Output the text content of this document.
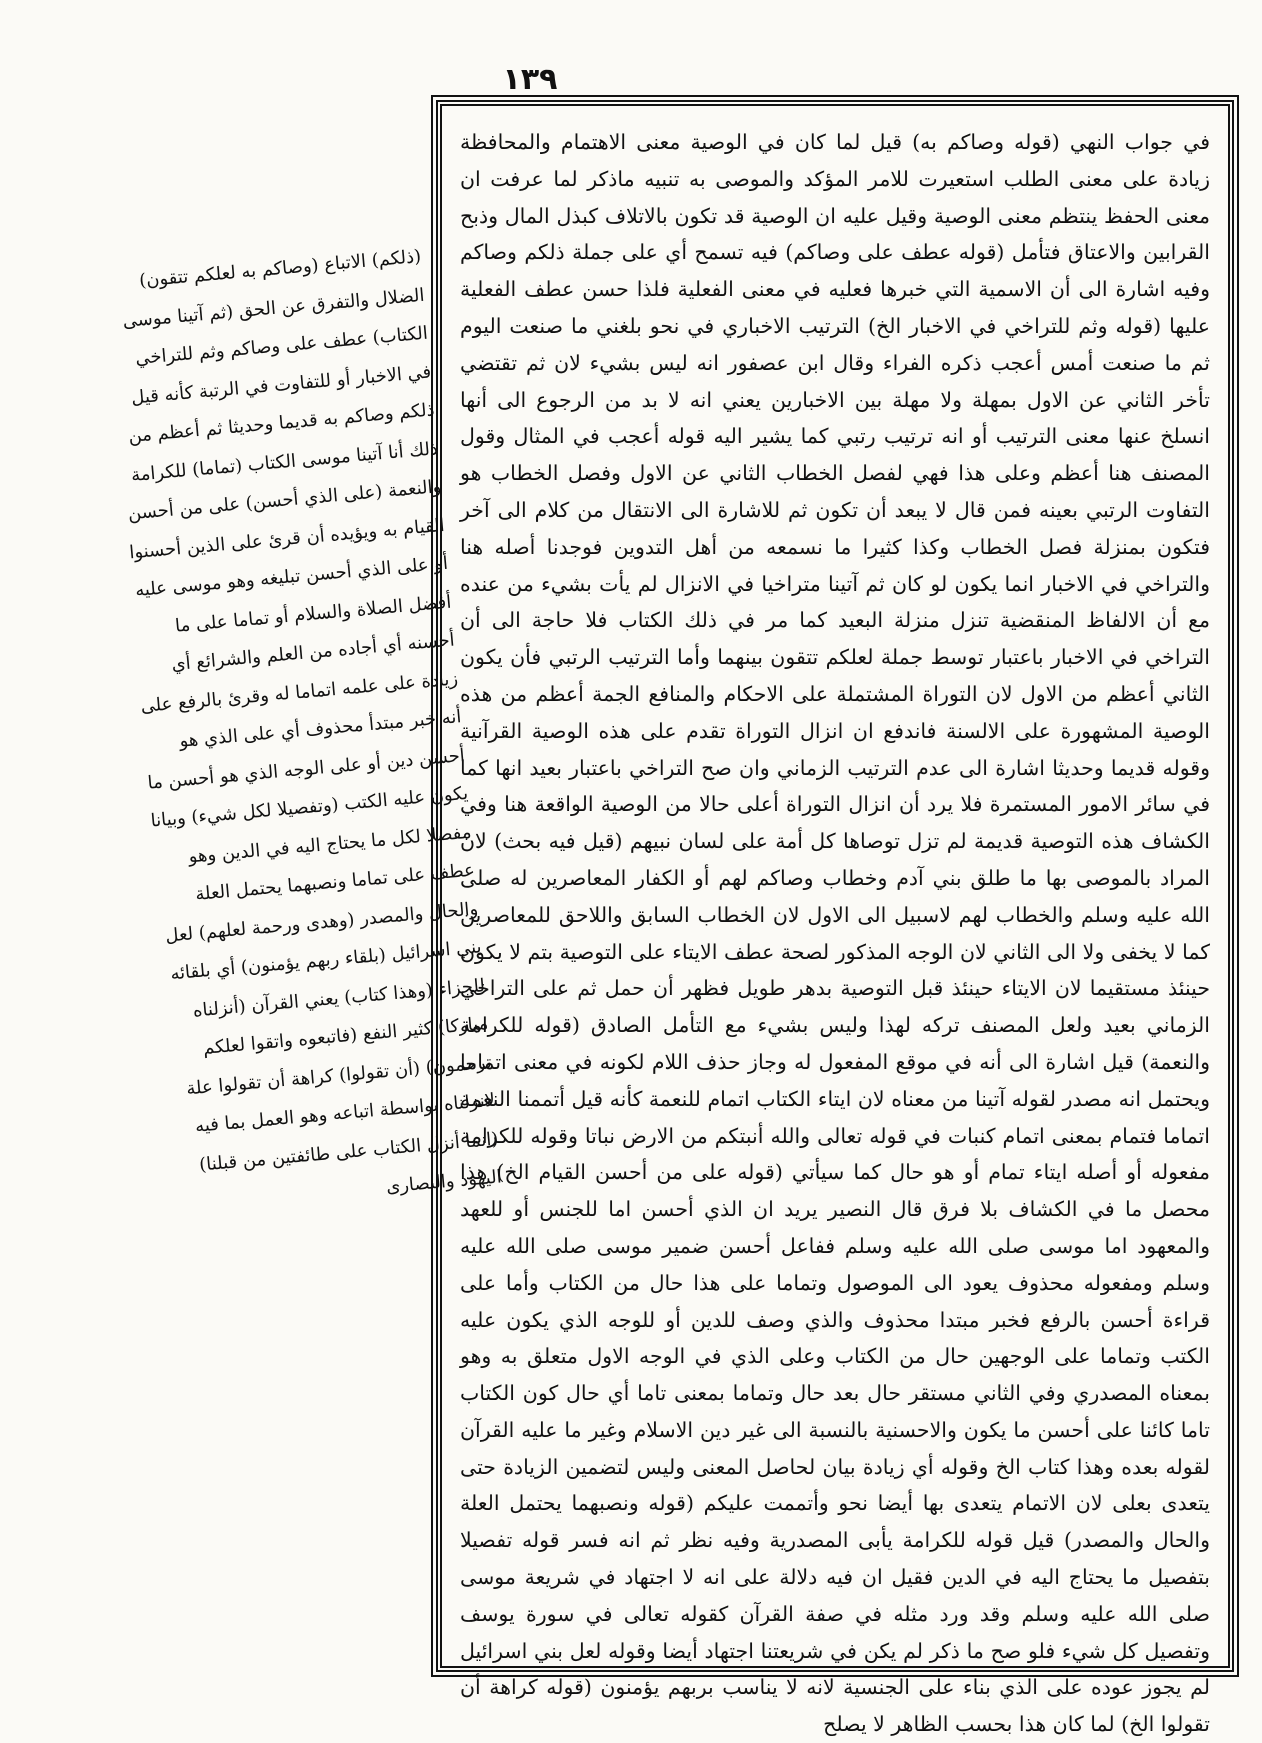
١٣٩

في جواب النهي (قوله وصاكم به) قيل لما كان في الوصية معنى الاهتمام والمحافظة زيادة على معنى الطلب استعيرت للامر المؤكد والموصى به تنبيه ماذكر لما عرفت ان معنى الحفظ ينتظم معنى الوصية وقيل عليه ان الوصية قد تكون بالاتلاف كبذل المال وذبح القرابين والاعتاق فتأمل (قوله عطف على وصاكم) فيه تسمح أي على جملة ذلكم وصاكم وفيه اشارة الى أن الاسمية التي خبرها فعليه في معنى الفعلية فلذا حسن عطف الفعلية عليها (قوله وثم للتراخي في الاخبار الخ) الترتيب الاخباري في نحو بلغني ما صنعت اليوم ثم ما صنعت أمس أعجب ذكره الفراء وقال ابن عصفور انه ليس بشيء لان ثم تقتضي تأخر الثاني عن الاول بمهلة ولا مهلة بين الاخبارين يعني انه لا بد من الرجوع الى أنها انسلخ عنها معنى الترتيب أو انه ترتيب رتبي كما يشير اليه قوله أعجب في المثال وقول المصنف هنا أعظم وعلى هذا فهي لفصل الخطاب الثاني عن الاول وفصل الخطاب هو التفاوت الرتبي بعينه فمن قال لا يبعد أن تكون ثم للاشارة الى الانتقال من كلام الى آخر فتكون بمنزلة فصل الخطاب وكذا كثيرا ما نسمعه من أهل التدوين فوجدنا أصله هنا والتراخي في الاخبار انما يكون لو كان ثم آتينا متراخيا في الانزال لم يأت بشيء من عنده مع أن الالفاظ المنقضية تنزل منزلة البعيد كما مر في ذلك الكتاب فلا حاجة الى أن التراخي في الاخبار باعتبار توسط جملة لعلكم تتقون بينهما وأما الترتيب الرتبي فأن يكون الثاني أعظم من الاول لان التوراة المشتملة على الاحكام والمنافع الجمة أعظم من هذه الوصية المشهورة على الالسنة فاندفع ان انزال التوراة تقدم على هذه الوصية القرآنية وقوله قديما وحديثا اشارة الى عدم الترتيب الزماني وان صح التراخي باعتبار بعيد انها كما في سائر الامور المستمرة فلا يرد أن انزال التوراة أعلى حالا من الوصية الواقعة هنا وفي الكشاف هذه التوصية قديمة لم تزل توصاها كل أمة على لسان نبيهم (قيل فيه بحث) لان المراد بالموصى بها ما طلق بني آدم وخطاب وصاكم لهم أو الكفار المعاصرين له صلى الله عليه وسلم والخطاب لهم لاسبيل الى الاول لان الخطاب السابق واللاحق للمعاصرين كما لا يخفى ولا الى الثاني لان الوجه المذكور لصحة عطف الايتاء على التوصية بتم لا يكون حينئذ مستقيما لان الايتاء حينئذ قبل التوصية بدهر طويل فظهر أن حمل ثم على التراخي الزماني بعيد ولعل المصنف تركه لهذا وليس بشيء مع التأمل الصادق (قوله للكرامة والنعمة) قيل اشارة الى أنه في موقع المفعول له وجاز حذف اللام لكونه في معنى اتماما ويحتمل انه مصدر لقوله آتينا من معناه لان ايتاء الكتاب اتمام للنعمة كأنه قيل أتممنا النعمة اتماما فتمام بمعنى اتمام كنبات في قوله تعالى والله أنبتكم من الارض نباتا وقوله للكرامة مفعوله أو أصله ايتاء تمام أو هو حال كما سيأتي (قوله على من أحسن القيام الخ) هذا محصل ما في الكشاف بلا فرق قال النصير يريد ان الذي أحسن اما للجنس أو للعهد والمعهود اما موسى صلى الله عليه وسلم ففاعل أحسن ضمير موسى صلى الله عليه وسلم ومفعوله محذوف يعود الى الموصول وتماما على هذا حال من الكتاب وأما على قراءة أحسن بالرفع فخبر مبتدا محذوف والذي وصف للدين أو للوجه الذي يكون عليه الكتب وتماما على الوجهين حال من الكتاب وعلى الذي في الوجه الاول متعلق به وهو بمعناه المصدري وفي الثاني مستقر حال بعد حال وتماما بمعنى تاما أي حال كون الكتاب تاما كائنا على أحسن ما يكون والاحسنية بالنسبة الى غير دين الاسلام وغير ما عليه القرآن لقوله بعده وهذا كتاب الخ وقوله أي زيادة بيان لحاصل المعنى وليس لتضمين الزيادة حتى يتعدى بعلى لان الاتمام يتعدى بها أيضا نحو وأتممت عليكم (قوله ونصبهما يحتمل العلة والحال والمصدر) قيل قوله للكرامة يأبى المصدرية وفيه نظر ثم انه فسر قوله تفصيلا بتفصيل ما يحتاج اليه في الدين فقيل ان فيه دلالة على انه لا اجتهاد في شريعة موسى صلى الله عليه وسلم وقد ورد مثله في صفة القرآن كقوله تعالى في سورة يوسف وتفصيل كل شيء فلو صح ما ذكر لم يكن في شريعتنا اجتهاد أيضا وقوله لعل بني اسرائيل لم يجوز عوده على الذي بناء على الجنسية لانه لا يناسب بربهم يؤمنون (قوله كراهة أن تقولوا الخ) لما كان هذا بحسب الظاهر لا يصلح

(ذلكم) الاتباع (وصاكم به لعلكم تتقون) الضلال والتفرق عن الحق (ثم آتينا موسى الكتاب) عطف على وصاكم وثم للتراخي في الاخبار أو للتفاوت في الرتبة كأنه قيل ذلكم وصاكم به قديما وحديثا ثم أعظم من ذلك أنا آتينا موسى الكتاب (تماما) للكرامة والنعمة (على الذي أحسن) على من أحسن القيام به ويؤيده أن قرئ على الذين أحسنوا أو على الذي أحسن تبليغه وهو موسى عليه أفضل الصلاة والسلام أو تماما على ما أحسنه أي أجاده من العلم والشرائع أي زيادة على علمه اتماما له وقرئ بالرفع على أنه خبر مبتدأ محذوف أي على الذي هو أحسن دين أو على الوجه الذي هو أحسن ما يكون عليه الكتب (وتفصيلا لكل شيء) وبيانا مفصلا لكل ما يحتاج اليه في الدين وهو عطف على تماما ونصبهما يحتمل العلة والحال والمصدر (وهدى ورحمة لعلهم) لعل بني اسرائيل (بلقاء ربهم يؤمنون) أي بلقائه للجزاء (وهذا كتاب) يعني القرآن (أنزلناه مباركا) كثير النفع (فاتبعوه واتقوا لعلكم ترحمون) (أن تقولوا) كراهة أن تقولوا علة لانزلناه بواسطة اتباعه وهو العمل بما فيه (انما أنزل الكتاب على طائفتين من قبلنا) اليهود والنصارى
